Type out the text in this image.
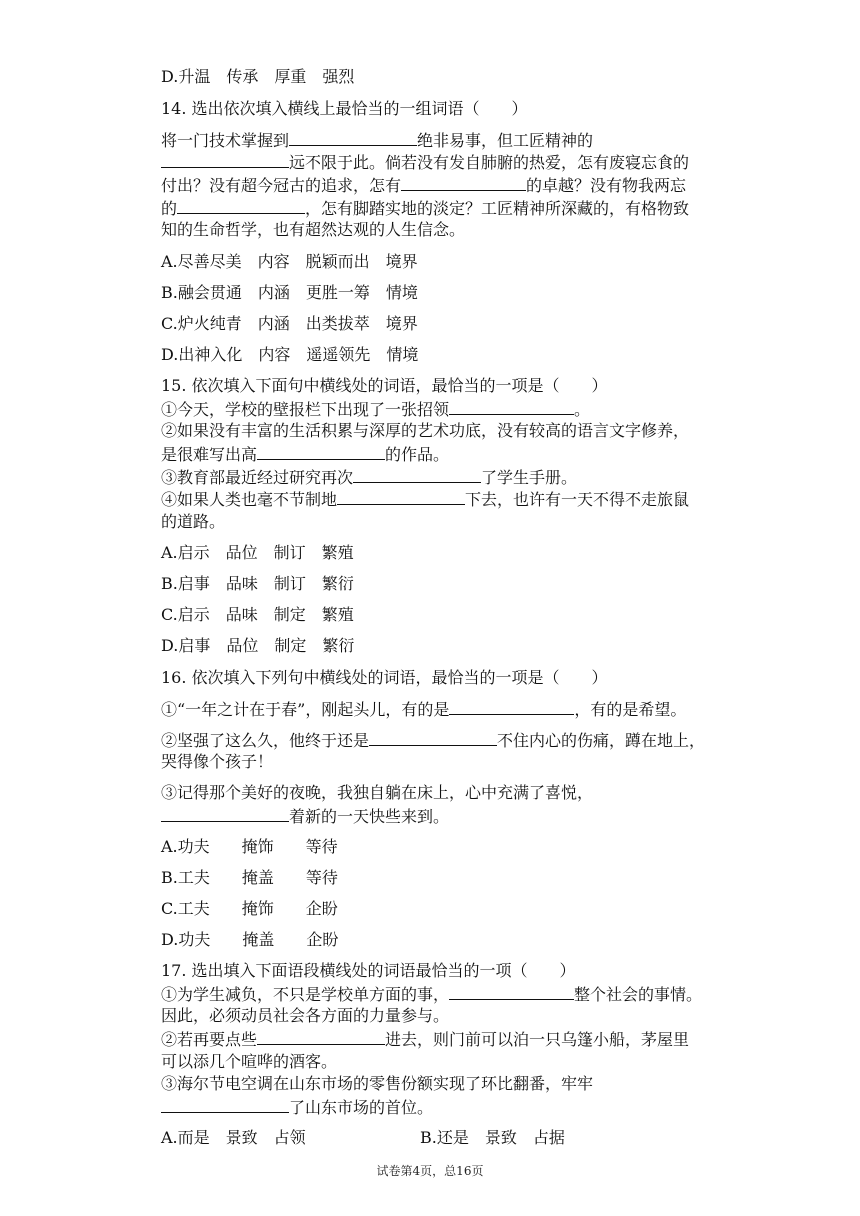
D.升温　传承　厚重　强烈
14. 选出依次填入横线上最恰当的一组词语（　　）
将一门技术掌握到	绝非易事，但工匠精神的
远不限于此。倘若没有发自肺腑的热爱，怎有废寝忘食的
付出？没有超今冠古的追求，怎有	的卓越？没有物我两忘
的	，怎有脚踏实地的淡定？工匠精神所深藏的，有格物致
知的生命哲学，也有超然达观的人生信念。
A.尽善尽美　内容　脱颖而出　境界
B.融会贯通　内涵　更胜一筹　情境
C.炉火纯青　内涵　出类拔萃　境界
D.出神入化　内容　遥遥领先　情境
15. 依次填入下面句中横线处的词语，最恰当的一项是（　　）
①今天，学校的壁报栏下出现了一张招领	。
②如果没有丰富的生活积累与深厚的艺术功底，没有较高的语言文字修养，
是很难写出高	的作品。
③教育部最近经过研究再次	了学生手册。
④如果人类也毫不节制地	下去，也许有一天不得不走旅鼠
的道路。
A.启示　品位　制订　繁殖
B.启事　品味　制订　繁衍
C.启示　品味　制定　繁殖
D.启事　品位　制定　繁衍
16. 依次填入下列句中横线处的词语，最恰当的一项是（　　）
①“一年之计在于春”，刚起头儿，有的是	，有的是希望。
②坚强了这么久，他终于还是	不住内心的伤痛，蹲在地上，
哭得像个孩子！
③记得那个美好的夜晚，我独自躺在床上，心中充满了喜悦，
着新的一天快些来到。
A.功夫　　掩饰　　等待
B.工夫　　掩盖　　等待
C.工夫　　掩饰　　企盼
D.功夫　　掩盖　　企盼
17. 选出填入下面语段横线处的词语最恰当的一项（　　）
①为学生减负，不只是学校单方面的事，	整个社会的事情。
因此，必须动员社会各方面的力量参与。
②若再要点些	进去，则门前可以泊一只乌篷小船，茅屋里
可以添几个喧哗的酒客。
③海尔节电空调在山东市场的零售份额实现了环比翻番，牢牢
了山东市场的首位。
A.而是　景致　占领	B.还是　景致　占据
试卷第4页，总16页
